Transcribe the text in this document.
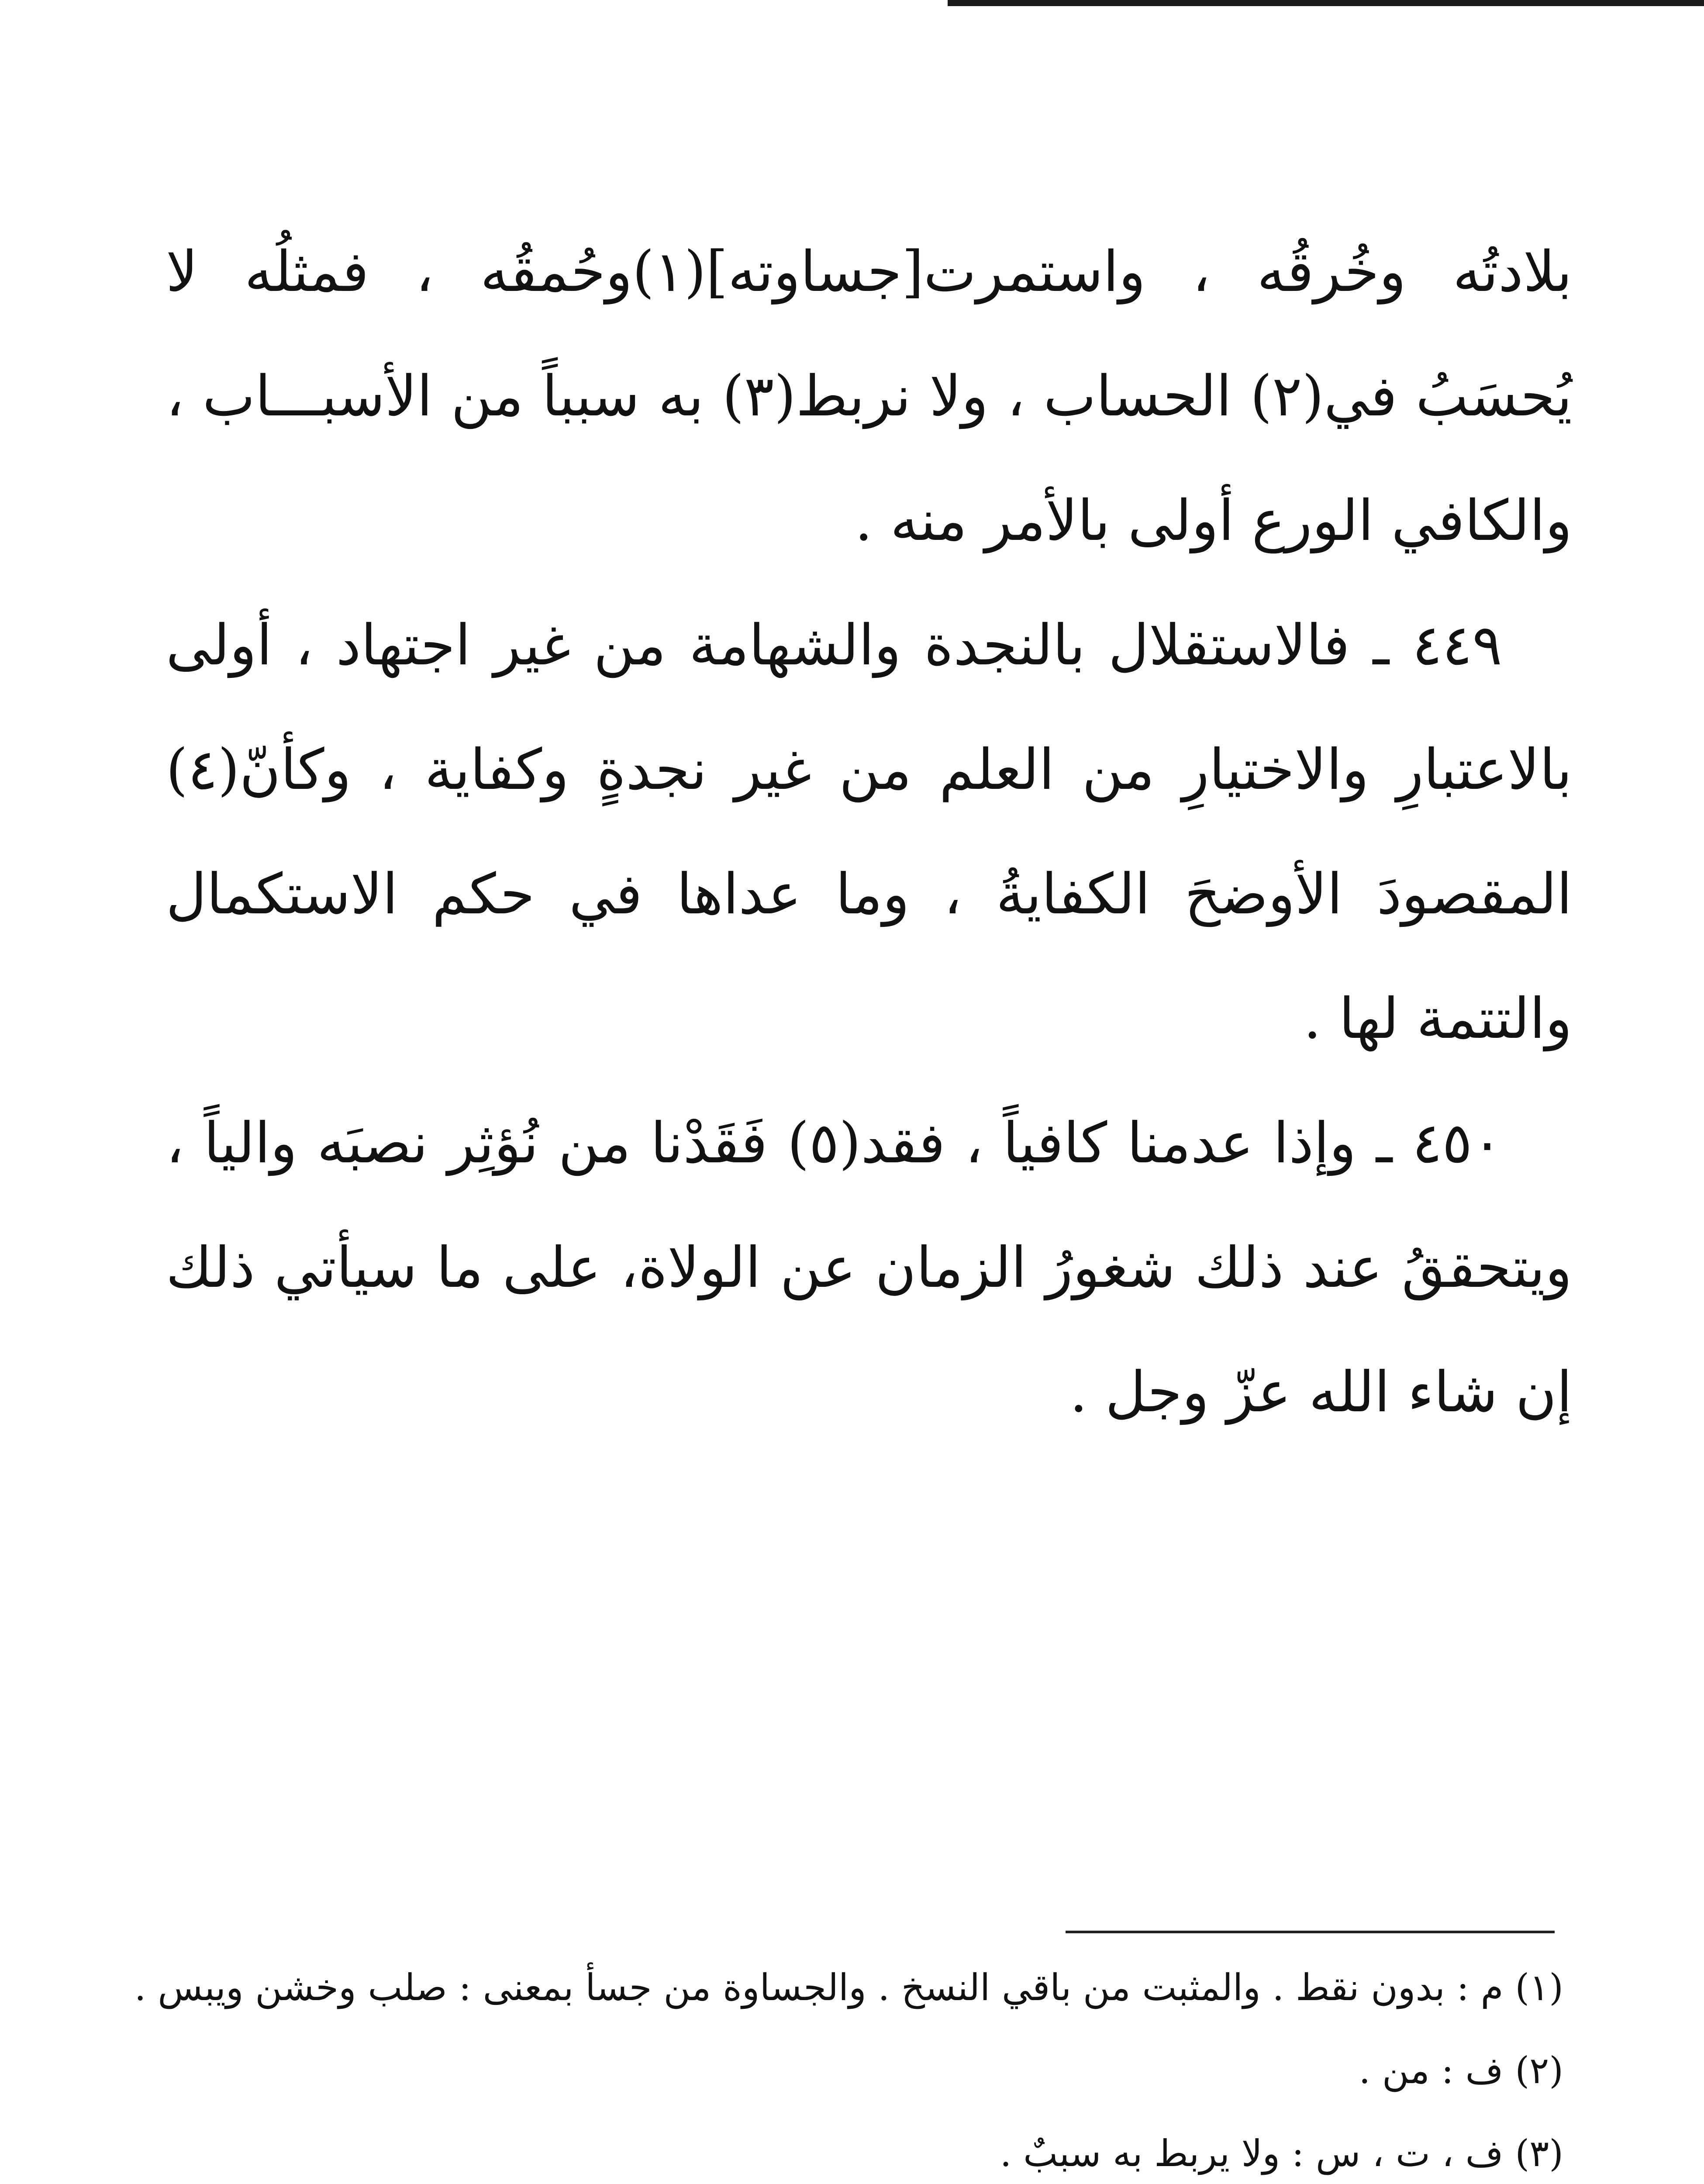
بلادتُه وخُرقُه ، واستمرت[جساوته](١)وحُمقُه ، فمثلُه لا يُحسَبُ في(٢) الحساب ، ولا نربط(٣) به سبباً من الأسبـــاب ، والكافي الورع أولى بالأمر منه .

٤٤٩ ـ فالاستقلال بالنجدة والشهامة من غير اجتهاد ، أولى بالاعتبارِ والاختيارِ من العلم من غير نجدةٍ وكفاية ، وكأنّ(٤) المقصودَ الأوضحَ الكفايةُ ، وما عداها في حكم الاستكمال والتتمة لها .

٤٥٠ ـ وإذا عدمنا كافياً ، فقد(٥) فَقَدْنا من نُؤثِر نصبَه والياً ، ويتحققُ عند ذلك شغورُ الزمان عن الولاة، على ما سيأتي ذلك إن شاء الله عزّ وجل .

(١) م : بدون نقط . والمثبت من باقي النسخ . والجساوة من جسأ بمعنى : صلب وخشن ويبس .
(٢) ف : من .
(٣) ف ، ت ، س : ولا يربط به سببٌ .
